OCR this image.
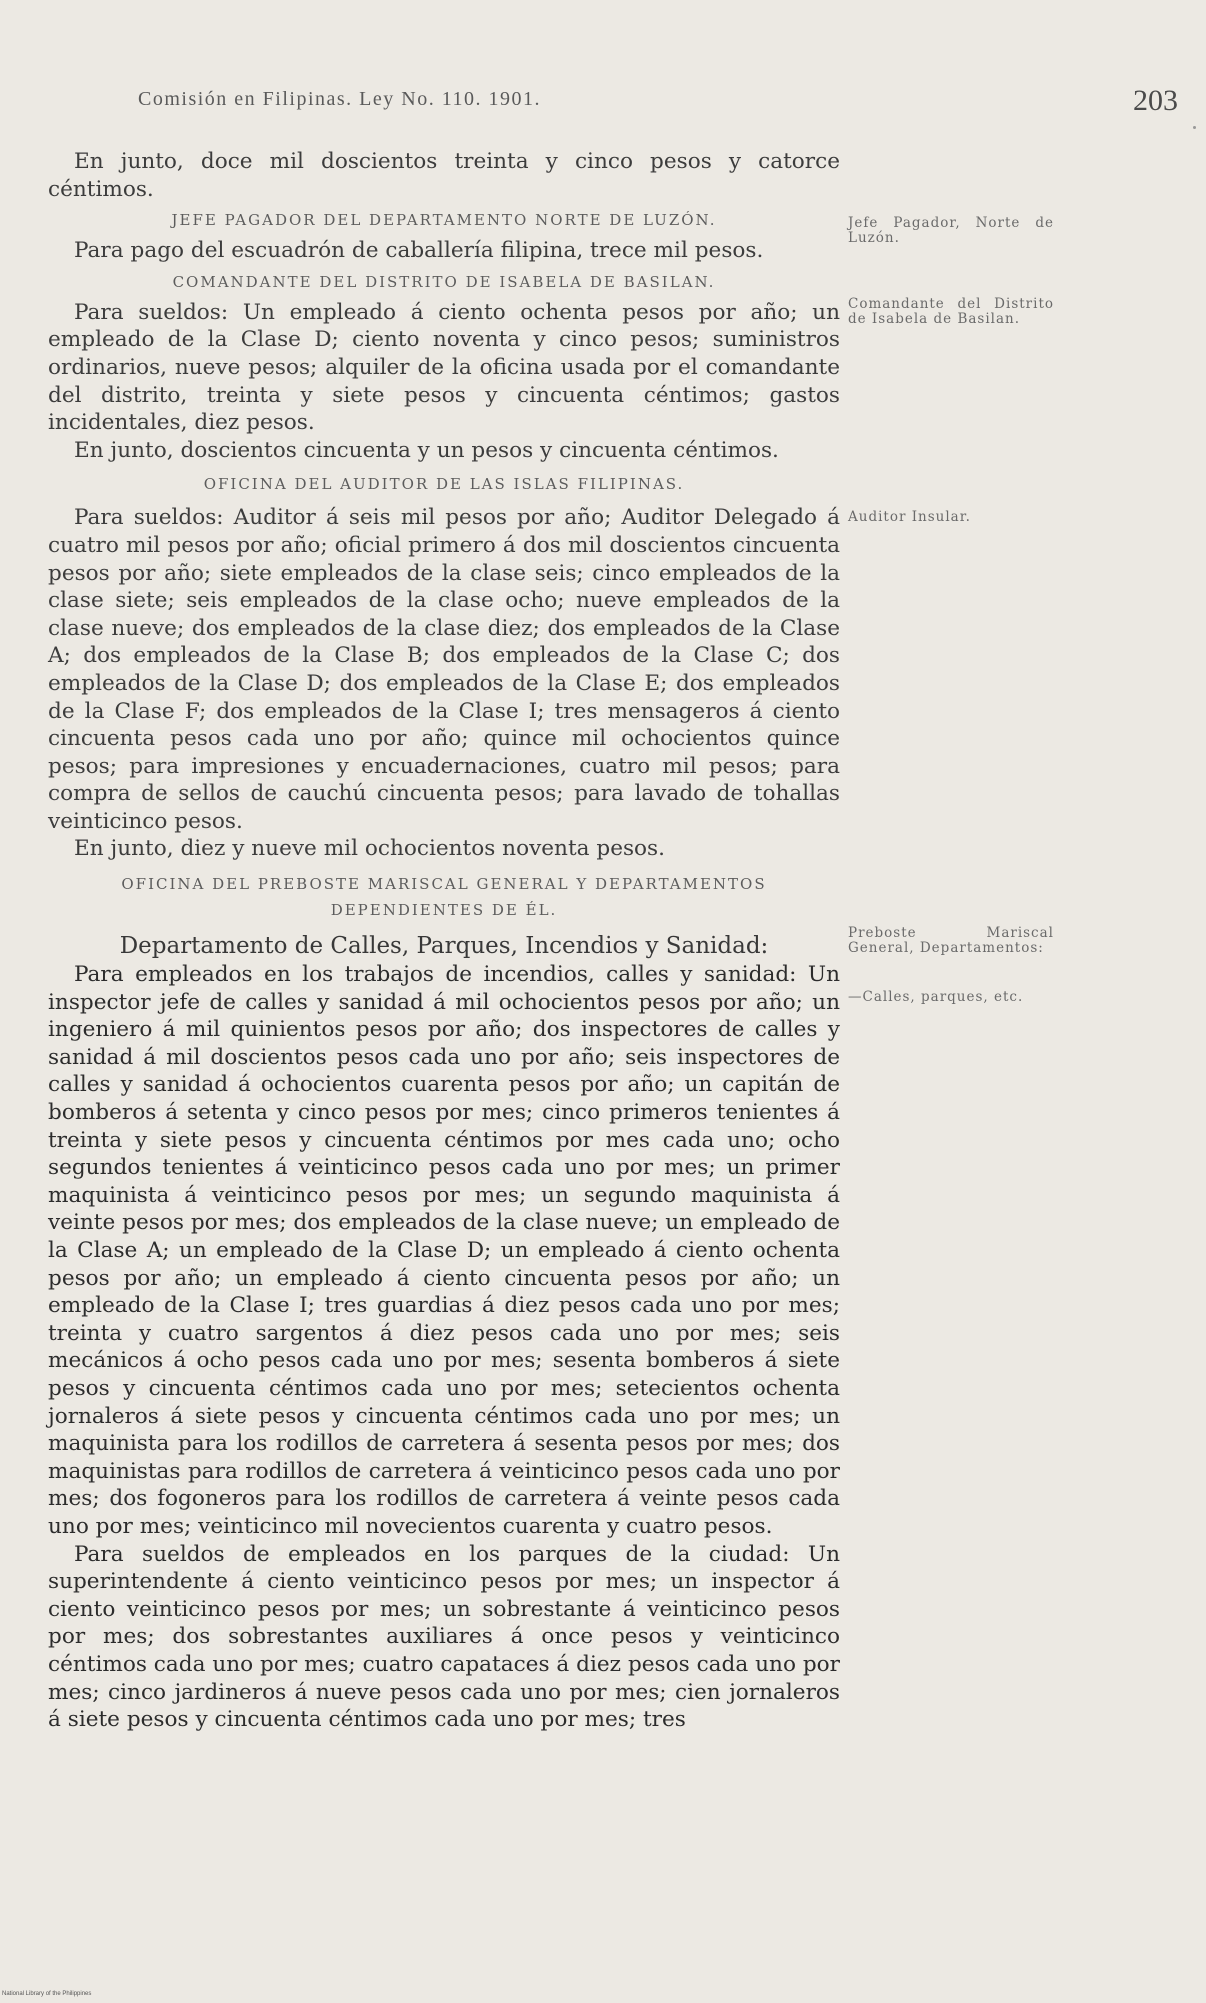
Comisión en Filipinas. Ley No. 110. 1901.	203

En junto, doce mil doscientos treinta y cinco pesos y catorce céntimos.

JEFE PAGADOR DEL DEPARTAMENTO NORTE DE LUZÓN.

Para pago del escuadrón de caballería filipina, trece mil pesos.

COMANDANTE DEL DISTRITO DE ISABELA DE BASILAN.

Para sueldos: Un empleado á ciento ochenta pesos por año; un empleado de la Clase D; ciento noventa y cinco pesos; suministros ordinarios, nueve pesos; alquiler de la oficina usada por el comandante del distrito, treinta y siete pesos y cincuenta céntimos; gastos incidentales, diez pesos.

En junto, doscientos cincuenta y un pesos y cincuenta céntimos.

OFICINA DEL AUDITOR DE LAS ISLAS FILIPINAS.

Para sueldos: Auditor á seis mil pesos por año; Auditor Delegado á cuatro mil pesos por año; oficial primero á dos mil doscientos cincuenta pesos por año; siete empleados de la clase seis; cinco empleados de la clase siete; seis empleados de la clase ocho; nueve empleados de la clase nueve; dos empleados de la clase diez; dos empleados de la Clase A; dos empleados de la Clase B; dos empleados de la Clase C; dos empleados de la Clase D; dos empleados de la Clase E; dos empleados de la Clase F; dos empleados de la Clase I; tres mensageros á ciento cincuenta pesos cada uno por año; quince mil ochocientos quince pesos; para impresiones y encuadernaciones, cuatro mil pesos; para compra de sellos de cauchú cincuenta pesos; para lavado de tohallas veinticinco pesos.

En junto, diez y nueve mil ochocientos noventa pesos.

OFICINA DEL PREBOSTE MARISCAL GENERAL Y DEPARTAMENTOS
DEPENDIENTES DE ÉL.
Departamento de Calles, Parques, Incendios y Sanidad:

Para empleados en los trabajos de incendios, calles y sanidad: Un inspector jefe de calles y sanidad á mil ochocientos pesos por año; un ingeniero á mil quinientos pesos por año; dos inspectores de calles y sanidad á mil doscientos pesos cada uno por año; seis inspectores de calles y sanidad á ochocientos cuarenta pesos por año; un capitán de bomberos á setenta y cinco pesos por mes; cinco primeros tenientes á treinta y siete pesos y cincuenta céntimos por mes cada uno; ocho segundos tenientes á veinticinco pesos cada uno por mes; un primer maquinista á veinticinco pesos por mes; un segundo maquinista á veinte pesos por mes; dos empleados de la clase nueve; un empleado de la Clase A; un empleado de la Clase D; un empleado á ciento ochenta pesos por año; un empleado á ciento cincuenta pesos por año; un empleado de la Clase I; tres guardias á diez pesos cada uno por mes; treinta y cuatro sargentos á diez pesos cada uno por mes; seis mecánicos á ocho pesos cada uno por mes; sesenta bomberos á siete pesos y cincuenta céntimos cada uno por mes; setecientos ochenta jornaleros á siete pesos y cincuenta céntimos cada uno por mes; un maquinista para los rodillos de carretera á sesenta pesos por mes; dos maquinistas para rodillos de carretera á veinticinco pesos cada uno por mes; dos fogoneros para los rodillos de carretera á veinte pesos cada uno por mes; veinticinco mil novecientos cuarenta y cuatro pesos.

Para sueldos de empleados en los parques de la ciudad: Un superintendente á ciento veinticinco pesos por mes; un inspector á ciento veinticinco pesos por mes; un sobrestante á veinticinco pesos por mes; dos sobrestantes auxiliares á once pesos y veinticinco céntimos cada uno por mes; cuatro capataces á diez pesos cada uno por mes; cinco jardineros á nueve pesos cada uno por mes; cien jornaleros á siete pesos y cincuenta céntimos cada uno por mes; tres

Jefe Pagador, Norte de Luzón.
Comandante del Distrito de Isabela de Basilan.
Auditor Insular.
Preboste Mariscal General, Departamentos:
—Calles, parques, etc.
National Library of the Philippines
